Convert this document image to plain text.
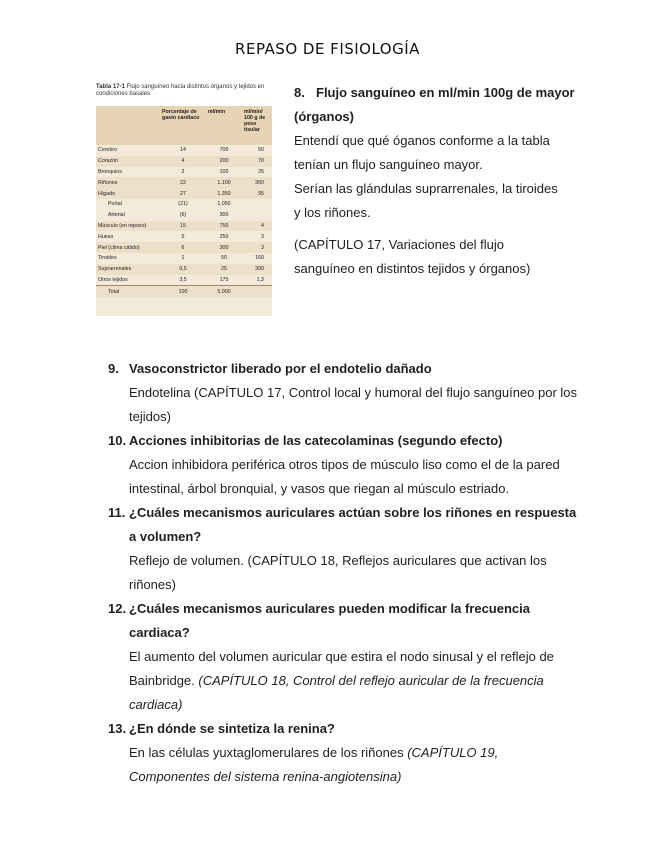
REPASO DE FISIOLOGÍA
Tabla 17-1 Flujo sanguíneo hacia distintos órganos y tejidos en condiciones basales
	Porcentaje de gasto cardíaco	ml/min	ml/min/ 100 g de peso tisular
Cerebro	14	700	50
Corazón	4	200	70
Bronquios	2	100	25
Riñones	22	1.100	360
Hígado	27	1.350	95
Portal	(21)	1.050	
Arterial	(6)	300	
Músculo (en reposo)	15	750	4
Hueso	5	250	3
Piel (clima cálido)	6	300	3
Tiroides	1	50	160
Suprarrenales	0,5	25	300
Otros tejidos	3,5	175	1,3
Total	100	5.000	
8. Flujo sanguíneo en ml/min 100g de mayor
(órganos)

Entendí que qué óganos conforme a la tabla

tenían un flujo sanguíneo mayor.

Serían las glándulas suprarrenales, la tiroides

y los riñones.

(CAPÍTULO 17, Variaciones del flujo

sanguíneo en distintos tejidos y órganos)

9. Vasoconstrictor liberado por el endotelio dañado
Endotelina (CAPÍTULO 17, Control local y humoral del flujo sanguíneo por los tejidos)
10. Acciones inhibitorias de las catecolaminas (segundo efecto)
Accion inhibidora periférica otros tipos de músculo liso como el de la pared intestinal, árbol bronquial, y vasos que riegan al músculo estriado.
11. ¿Cuáles mecanismos auriculares actúan sobre los riñones en respuesta a volumen?
Reflejo de volumen. (CAPÍTULO 18, Reflejos auriculares que activan los riñones)
12. ¿Cuáles mecanismos auriculares pueden modificar la frecuencia cardiaca?
El aumento del volumen auricular que estira el nodo sinusal y el reflejo de Bainbridge. (CAPÍTULO 18, Control del reflejo auricular de la frecuencia cardiaca)
13. ¿En dónde se sintetiza la renina?
En las células yuxtaglomerulares de los riñones (CAPÍTULO 19, Componentes del sistema renina-angiotensina)
